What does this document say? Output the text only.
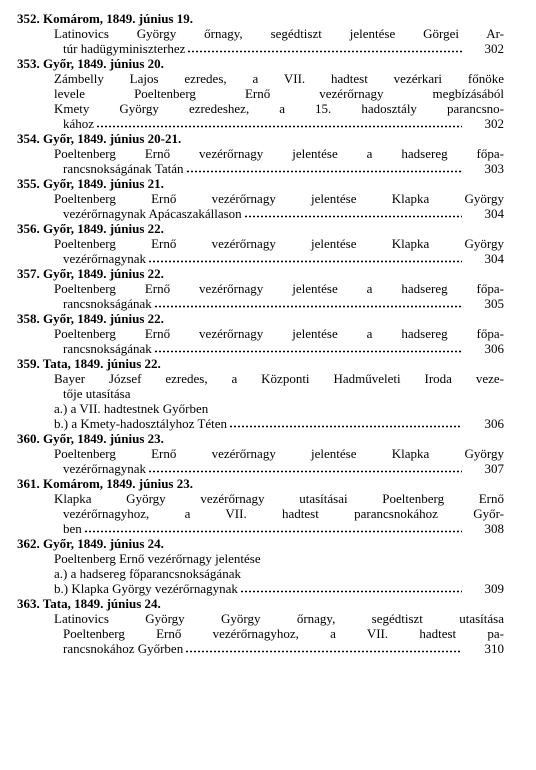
352. Komárom, 1849. június 19.
Latinovics György őrnagy, segédtiszt jelentése Görgei Ar-
túr hadügyminiszterhez	302
353. Győr, 1849. június 20.
Zámbelly Lajos ezredes, a VII. hadtest vezérkari főnöke
levele Poeltenberg Ernő vezérőrnagy megbízásából
Kmety György ezredeshez, a 15. hadosztály parancsno-
kához	302
354. Győr, 1849. június 20-21.
Poeltenberg Ernő vezérőrnagy jelentése a hadsereg főpa-
rancsnokságának Tatán	303
355. Győr, 1849. június 21.
Poeltenberg Ernő vezérőrnagy jelentése Klapka György
vezérőrnagynak Apácaszakállason	304
356. Győr, 1849. június 22.
Poeltenberg Ernő vezérőrnagy jelentése Klapka György
vezérőrnagynak	304
357. Győr, 1849. június 22.
Poeltenberg Ernő vezérőrnagy jelentése a hadsereg főpa-
rancsnokságának	305
358. Győr, 1849. június 22.
Poeltenberg Ernő vezérőrnagy jelentése a hadsereg főpa-
rancsnokságának	306
359. Tata, 1849. június 22.
Bayer József ezredes, a Központi Hadműveleti Iroda veze-
tője utasítása
a.) a VII. hadtestnek Győrben
b.) a Kmety-hadosztályhoz Téten	306
360. Győr, 1849. június 23.
Poeltenberg Ernő vezérőrnagy jelentése Klapka György
vezérőrnagynak	307
361. Komárom, 1849. június 23.
Klapka György vezérőrnagy utasításai Poeltenberg Ernő
vezérőrnagyhoz, a VII. hadtest parancsnokához Győr-
ben	308
362. Győr, 1849. június 24.
Poeltenberg Ernő vezérőrnagy jelentése
a.) a hadsereg főparancsnokságának
b.) Klapka György vezérőrnagynak	309
363. Tata, 1849. június 24.
Latinovics György György őrnagy, segédtiszt utasítása
Poeltenberg Ernő vezérőrnagyhoz, a VII. hadtest pa-
rancsnokához Győrben	310
